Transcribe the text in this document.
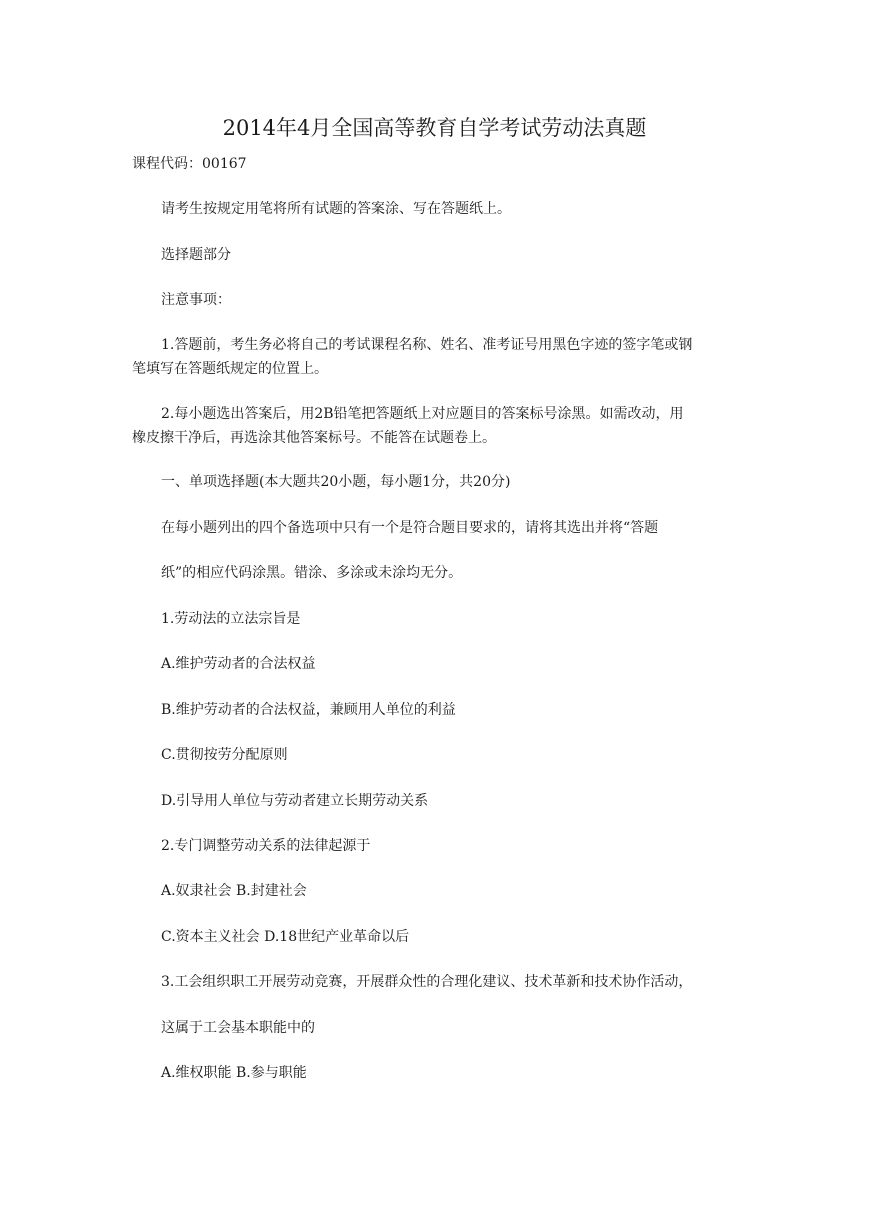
2014年4月全国高等教育自学考试劳动法真题
课程代码：00167
请考生按规定用笔将所有试题的答案涂、写在答题纸上。
选择题部分
注意事项：
1.答题前，考生务必将自己的考试课程名称、姓名、准考证号用黑色字迹的签字笔或钢
笔填写在答题纸规定的位置上。
2.每小题选出答案后，用2B铅笔把答题纸上对应题目的答案标号涂黑。如需改动，用
橡皮擦干净后，再选涂其他答案标号。不能答在试题卷上。
一、单项选择题(本大题共20小题，每小题1分，共20分)
在每小题列出的四个备选项中只有一个是符合题目要求的，请将其选出并将“答题
纸”的相应代码涂黑。错涂、多涂或未涂均无分。
1.劳动法的立法宗旨是
A.维护劳动者的合法权益
B.维护劳动者的合法权益，兼顾用人单位的利益
C.贯彻按劳分配原则
D.引导用人单位与劳动者建立长期劳动关系
2.专门调整劳动关系的法律起源于
A.奴隶社会 B.封建社会
C.资本主义社会 D.18世纪产业革命以后
3.工会组织职工开展劳动竞赛，开展群众性的合理化建议、技术革新和技术协作活动，
这属于工会基本职能中的
A.维权职能 B.参与职能
